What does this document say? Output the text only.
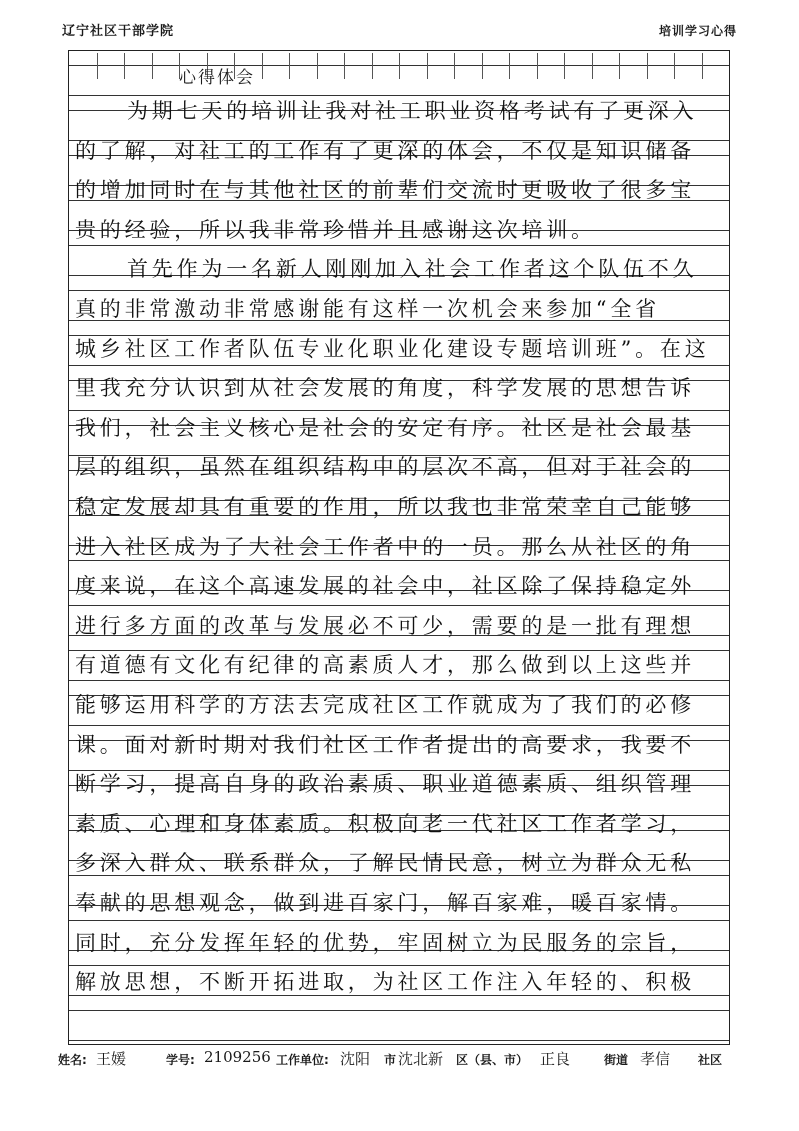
辽宁社区干部学院	培训学习心得
心得体会
为期七天的培训让我对社工职业资格考试有了更深入
的了解，对社工的工作有了更深的体会，不仅是知识储备
的增加同时在与其他社区的前辈们交流时更吸收了很多宝
贵的经验，所以我非常珍惜并且感谢这次培训。
首先作为一名新人刚刚加入社会工作者这个队伍不久
真的非常激动非常感谢能有这样一次机会来参加“全省
城乡社区工作者队伍专业化职业化建设专题培训班”。在这
里我充分认识到从社会发展的角度，科学发展的思想告诉
我们，社会主义核心是社会的安定有序。社区是社会最基
层的组织，虽然在组织结构中的层次不高，但对于社会的
稳定发展却具有重要的作用，所以我也非常荣幸自己能够
进入社区成为了大社会工作者中的一员。那么从社区的角
度来说，在这个高速发展的社会中，社区除了保持稳定外
进行多方面的改革与发展必不可少，需要的是一批有理想
有道德有文化有纪律的高素质人才，那么做到以上这些并
能够运用科学的方法去完成社区工作就成为了我们的必修
课。面对新时期对我们社区工作者提出的高要求，我要不
断学习，提高自身的政治素质、职业道德素质、组织管理
素质、心理和身体素质。积极向老一代社区工作者学习，
多深入群众、联系群众，了解民情民意，树立为群众无私
奉献的思想观念，做到进百家门，解百家难，暖百家情。
同时，充分发挥年轻的优势，牢固树立为民服务的宗旨，
解放思想，不断开拓进取，为社区工作注入年轻的、积极
姓名: 王媛	学号: 2109256 工作单位: 沈阳 市 沈北新 区（县、市） 正良	街道 孝信 社区
